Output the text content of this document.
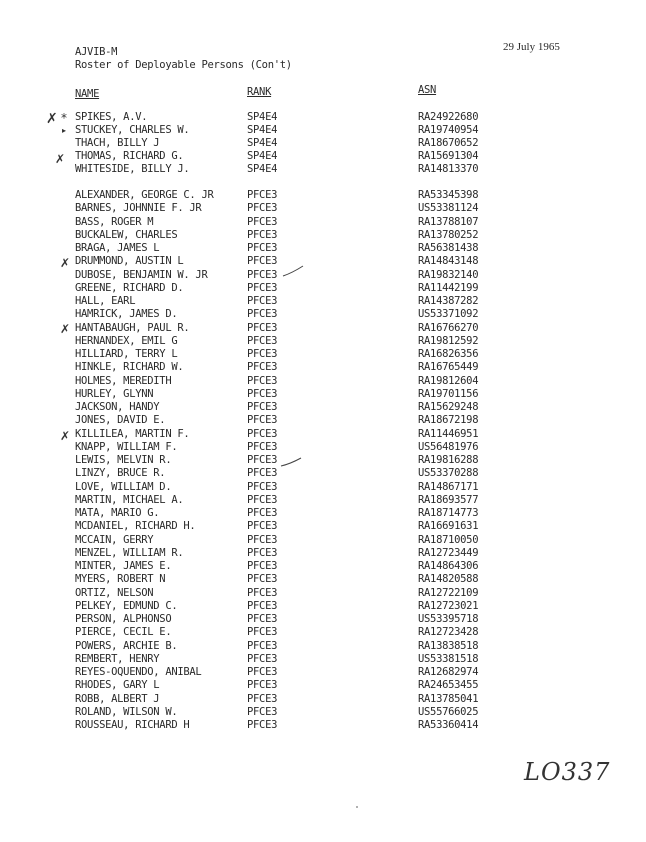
AJVIB-M
Roster of Deployable Persons (Con't)
29 July 1965
NAME	RANK	ASN
SPIKES, A.V.	SP4E4	RA24922680
STUCKEY, CHARLES W.	SP4E4	RA19740954
THACH, BILLY J	SP4E4	RA18670652
THOMAS, RICHARD G.	SP4E4	RA15691304
WHITESIDE, BILLY J.	SP4E4	RA14813370
ALEXANDER, GEORGE C. JR	PFCE3	RA53345398
BARNES, JOHNNIE F. JR	PFCE3	US53381124
BASS, ROGER M	PFCE3	RA13788107
BUCKALEW, CHARLES	PFCE3	RA13780252
BRAGA, JAMES L	PFCE3	RA56381438
DRUMMOND, AUSTIN L	PFCE3	RA14843148
DUBOSE, BENJAMIN W. JR	PFCE3	RA19832140
GREENE, RICHARD D.	PFCE3	RA11442199
HALL, EARL	PFCE3	RA14387282
HAMRICK, JAMES D.	PFCE3	US53371092
HANTABAUGH, PAUL R.	PFCE3	RA16766270
HERNANDEX, EMIL G	PFCE3	RA19812592
HILLIARD, TERRY L	PFCE3	RA16826356
HINKLE, RICHARD W.	PFCE3	RA16765449
HOLMES, MEREDITH	PFCE3	RA19812604
HURLEY, GLYNN	PFCE3	RA19701156
JACKSON, HANDY	PFCE3	RA15629248
JONES, DAVID E.	PFCE3	RA18672198
KILLILEA, MARTIN F.	PFCE3	RA11446951
KNAPP, WILLIAM F.	PFCE3	US56481976
LEWIS, MELVIN R.	PFCE3	RA19816288
LINZY, BRUCE R.	PFCE3	US53370288
LOVE, WILLIAM D.	PFCE3	RA14867171
MARTIN, MICHAEL A.	PFCE3	RA18693577
MATA, MARIO G.	PFCE3	RA18714773
MCDANIEL, RICHARD H.	PFCE3	RA16691631
MCCAIN, GERRY	PFCE3	RA18710050
MENZEL, WILLIAM R.	PFCE3	RA12723449
MINTER, JAMES E.	PFCE3	RA14864306
MYERS, ROBERT N	PFCE3	RA14820588
ORTIZ, NELSON	PFCE3	RA12722109
PELKEY, EDMUND C.	PFCE3	RA12723021
PERSON, ALPHONSO	PFCE3	US53395718
PIERCE, CECIL E.	PFCE3	RA12723428
POWERS, ARCHIE B.	PFCE3	RA13838518
REMBERT, HENRY	PFCE3	US53381518
REYES-OQUENDO, ANIBAL	PFCE3	RA12682974
RHODES, GARY L	PFCE3	RA24653455
ROBB, ALBERT J	PFCE3	RA13785041
ROLAND, WILSON W.	PFCE3	US55766025
ROUSSEAU, RICHARD H	PFCE3	RA53360414
✗ *
▸
✗
✗
✗
✗
LO337
